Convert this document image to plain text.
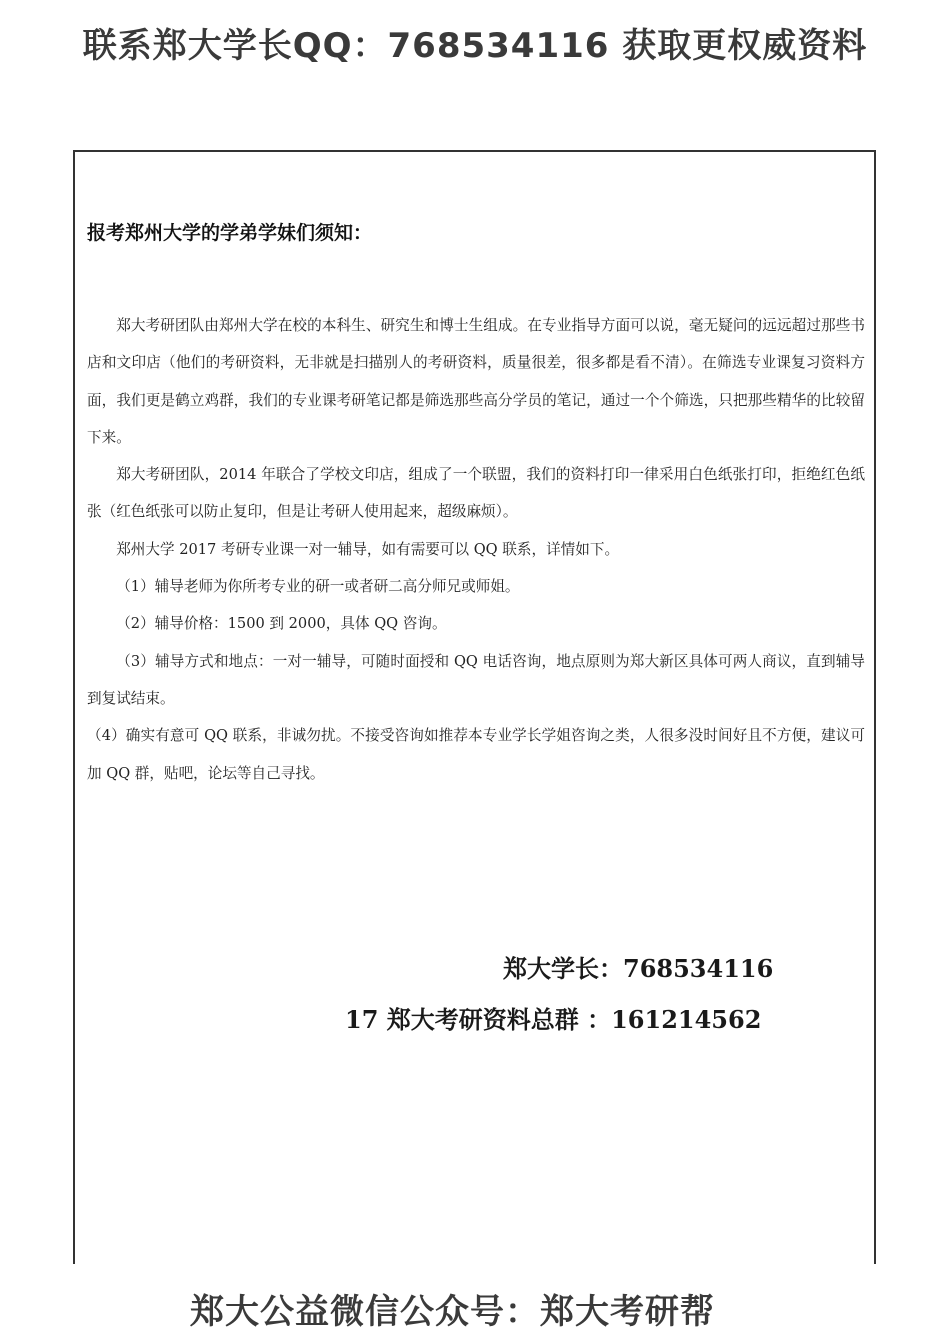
联系郑大学长QQ：768534116 获取更权威资料
报考郑州大学的学弟学妹们须知：

郑大考研团队由郑州大学在校的本科生、研究生和博士生组成。在专业指导方面可以说，毫无疑问的远远超过那些书店和文印店（他们的考研资料，无非就是扫描别人的考研资料，质量很差，很多都是看不清）。在筛选专业课复习资料方面，我们更是鹤立鸡群，我们的专业课考研笔记都是筛选那些高分学员的笔记，通过一个个筛选，只把那些精华的比较留下来。

郑大考研团队，2014 年联合了学校文印店，组成了一个联盟，我们的资料打印一律采用白色纸张打印，拒绝红色纸张（红色纸张可以防止复印，但是让考研人使用起来，超级麻烦）。

郑州大学 2017 考研专业课一对一辅导，如有需要可以 QQ 联系，详情如下。

（1）辅导老师为你所考专业的研一或者研二高分师兄或师姐。

（2）辅导价格：1500 到 2000，具体 QQ 咨询。

（3）辅导方式和地点：一对一辅导，可随时面授和 QQ 电话咨询，地点原则为郑大新区具体可两人商议，直到辅导到复试结束。

（4）确实有意可 QQ 联系，非诚勿扰。不接受咨询如推荐本专业学长学姐咨询之类，人很多没时间好且不方便，建议可加 QQ 群，贴吧，论坛等自己寻找。

郑大学长：768534116
17 郑大考研资料总群 ：161214562
郑大公益微信公众号：郑大考研帮
